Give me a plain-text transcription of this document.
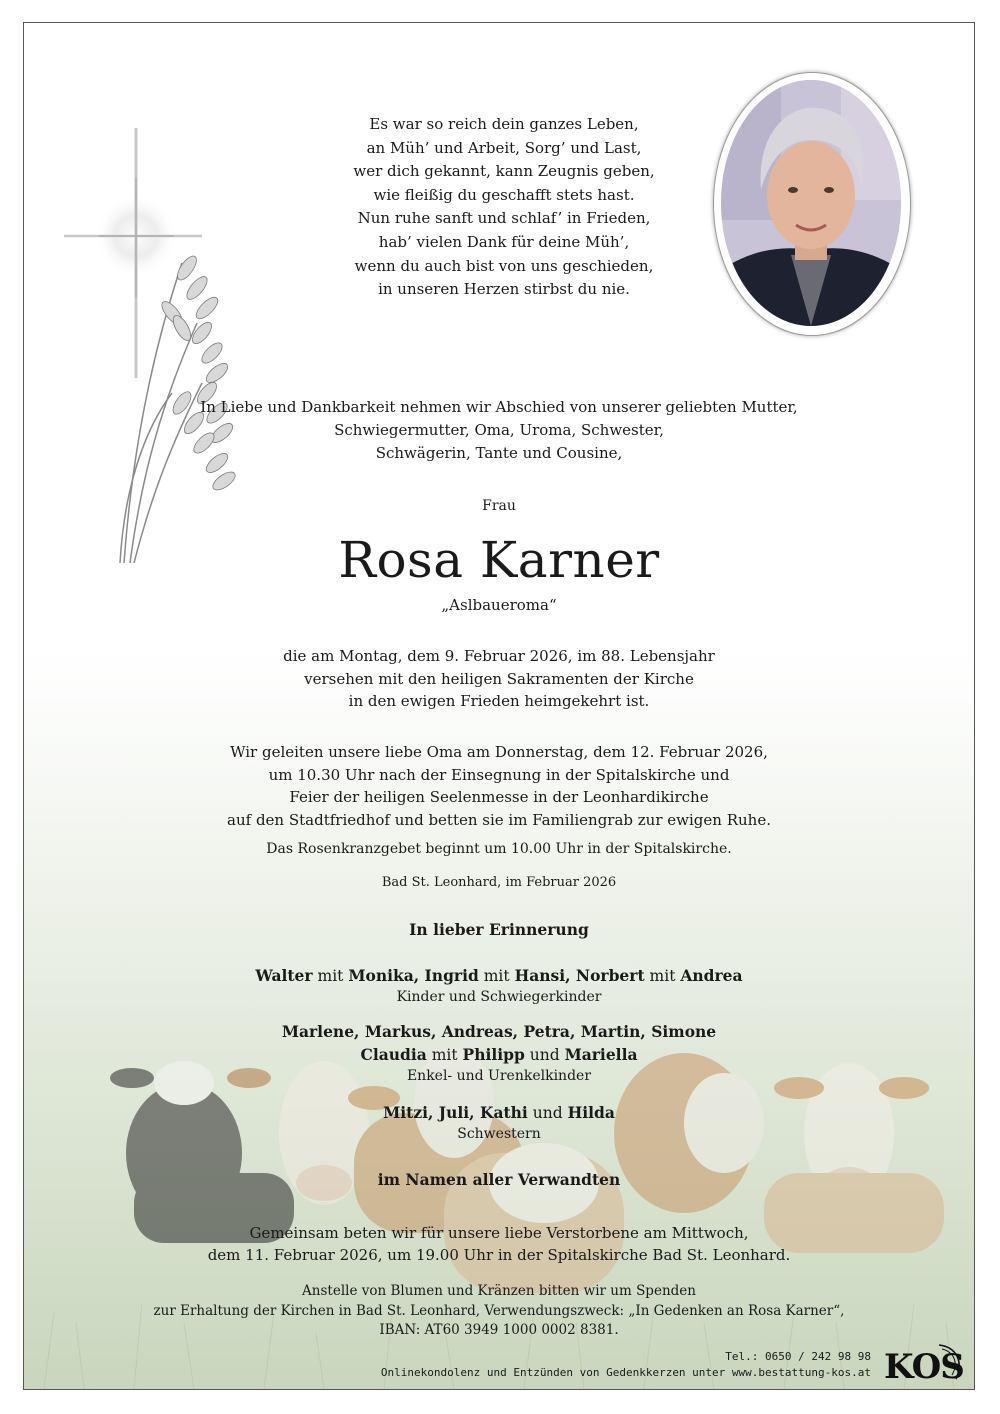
Es war so reich dein ganzes Leben,
an Müh’ und Arbeit, Sorg’ und Last,
wer dich gekannt, kann Zeugnis geben,
wie fleißig du geschafft stets hast.
Nun ruhe sanft und schlaf’ in Frieden,
hab’ vielen Dank für deine Müh’,
wenn du auch bist von uns geschieden,
in unseren Herzen stirbst du nie.
In Liebe und Dankbarkeit nehmen wir Abschied von unserer geliebten Mutter,
Schwiegermutter, Oma, Uroma, Schwester,
Schwägerin, Tante und Cousine,
Frau
Rosa Karner
„Aslbaueroma“
die am Montag, dem 9. Februar 2026, im 88. Lebensjahr
versehen mit den heiligen Sakramenten der Kirche
in den ewigen Frieden heimgekehrt ist.
Wir geleiten unsere liebe Oma am Donnerstag, dem 12. Februar 2026,
um 10.30 Uhr nach der Einsegnung in der Spitalskirche und
Feier der heiligen Seelenmesse in der Leonhardikirche
auf den Stadtfriedhof und betten sie im Familiengrab zur ewigen Ruhe.
Das Rosenkranzgebet beginnt um 10.00 Uhr in der Spitalskirche.
Bad St. Leonhard, im Februar 2026
In lieber Erinnerung
Walter mit Monika, Ingrid mit Hansi, Norbert mit Andrea
Kinder und Schwiegerkinder
Marlene, Markus, Andreas, Petra, Martin, Simone
Claudia mit Philipp und Mariella
Enkel- und Urenkelkinder
Mitzi, Juli, Kathi und Hilda
Schwestern
im Namen aller Verwandten
Gemeinsam beten wir für unsere liebe Verstorbene am Mittwoch,
dem 11. Februar 2026, um 19.00 Uhr in der Spitalskirche Bad St. Leonhard.
Anstelle von Blumen und Kränzen bitten wir um Spenden
zur Erhaltung der Kirchen in Bad St. Leonhard, Verwendungszweck: „In Gedenken an Rosa Karner“,
IBAN: AT60 3949 1000 0002 8381.
Tel.: 0650 / 242 98 98
Onlinekondolenz und Entzünden von Gedenkkerzen unter www.bestattung-kos.at KOS
